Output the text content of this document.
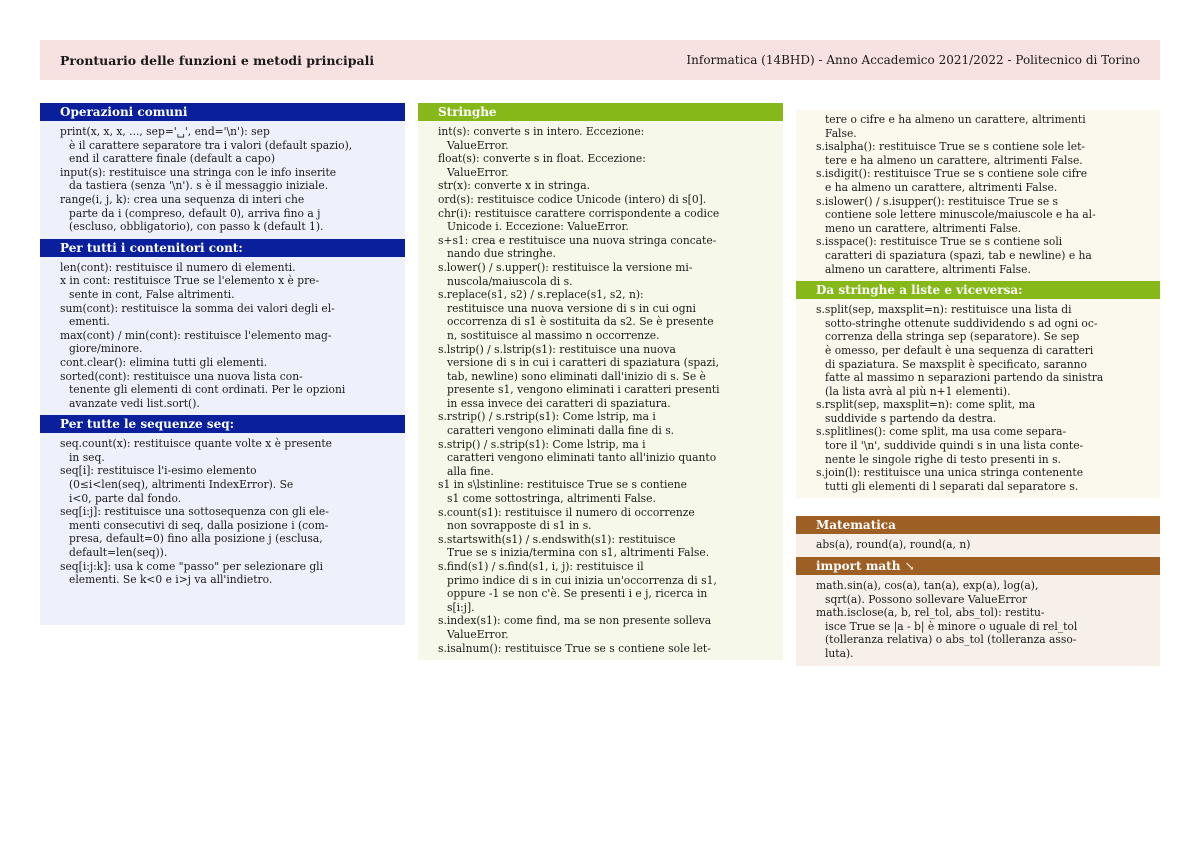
Prontuario delle funzioni e metodi principali	Informatica (14BHD) - Anno Accademico 2021/2022 - Politecnico di Torino
Operazioni comuni

print(x, x, x, ..., sep='␣', end='\n'): sep

è il carattere separatore tra i valori (default spazio),

end il carattere finale (default a capo)

input(s): restituisce una stringa con le info inserite

da tastiera (senza '\n'). s è il messaggio iniziale.

range(i, j, k): crea una sequenza di interi che

parte da i (compreso, default 0), arriva fino a j

(escluso, obbligatorio), con passo k (default 1).

Per tutti i contenitori cont:

len(cont): restituisce il numero di elementi.

x in cont: restituisce True se l'elemento x è pre-

sente in cont, False altrimenti.

sum(cont): restituisce la somma dei valori degli el-

ementi.

max(cont) / min(cont): restituisce l'elemento mag-

giore/minore.

cont.clear(): elimina tutti gli elementi.

sorted(cont): restituisce una nuova lista con-

tenente gli elementi di cont ordinati. Per le opzioni

avanzate vedi list.sort().

Per tutte le sequenze seq:

seq.count(x): restituisce quante volte x è presente

in seq.

seq[i]: restituisce l'i-esimo elemento

(0≤i<len(seq), altrimenti IndexError). Se

i<0, parte dal fondo.

seq[i:j]: restituisce una sottosequenza con gli ele-

menti consecutivi di seq, dalla posizione i (com-

presa, default=0) fino alla posizione j (esclusa,

default=len(seq)).

seq[i:j:k]: usa k come "passo" per selezionare gli

elementi. Se k<0 e i>j va all'indietro.

Stringhe

int(s): converte s in intero. Eccezione:

ValueError.

float(s): converte s in float. Eccezione:

ValueError.

str(x): converte x in stringa.

ord(s): restituisce codice Unicode (intero) di s[0].

chr(i): restituisce carattere corrispondente a codice

Unicode i. Eccezione: ValueError.

s+s1: crea e restituisce una nuova stringa concate-

nando due stringhe.

s.lower() / s.upper(): restituisce la versione mi-

nuscola/maiuscola di s.

s.replace(s1, s2) / s.replace(s1, s2, n):

restituisce una nuova versione di s in cui ogni

occorrenza di s1 è sostituita da s2. Se è presente

n, sostituisce al massimo n occorrenze.

s.lstrip() / s.lstrip(s1): restituisce una nuova

versione di s in cui i caratteri di spaziatura (spazi,

tab, newline) sono eliminati dall'inizio di s. Se è

presente s1, vengono eliminati i caratteri presenti

in essa invece dei caratteri di spaziatura.

s.rstrip() / s.rstrip(s1): Come lstrip, ma i

caratteri vengono eliminati dalla fine di s.

s.strip() / s.strip(s1): Come lstrip, ma i

caratteri vengono eliminati tanto all'inizio quanto

alla fine.

s1 in s\lstinline: restituisce True se s contiene

s1 come sottostringa, altrimenti False.

s.count(s1): restituisce il numero di occorrenze

non sovrapposte di s1 in s.

s.startswith(s1) / s.endswith(s1): restituisce

True se s inizia/termina con s1, altrimenti False.

s.find(s1) / s.find(s1, i, j): restituisce il

primo indice di s in cui inizia un'occorrenza di s1,

oppure -1 se non c'è. Se presenti i e j, ricerca in

s[i:j].

s.index(s1): come find, ma se non presente solleva

ValueError.

s.isalnum(): restituisce True se s contiene sole let-

tere o cifre e ha almeno un carattere, altrimenti

False.

s.isalpha(): restituisce True se s contiene sole let-

tere e ha almeno un carattere, altrimenti False.

s.isdigit(): restituisce True se s contiene sole cifre

e ha almeno un carattere, altrimenti False.

s.islower() / s.isupper(): restituisce True se s

contiene sole lettere minuscole/maiuscole e ha al-

meno un carattere, altrimenti False.

s.isspace(): restituisce True se s contiene soli

caratteri di spaziatura (spazi, tab e newline) e ha

almeno un carattere, altrimenti False.

Da stringhe a liste e viceversa:

s.split(sep, maxsplit=n): restituisce una lista di

sotto-stringhe ottenute suddividendo s ad ogni oc-

correnza della stringa sep (separatore). Se sep

è omesso, per default è una sequenza di caratteri

di spaziatura. Se maxsplit è specificato, saranno

fatte al massimo n separazioni partendo da sinistra

(la lista avrà al più n+1 elementi).

s.rsplit(sep, maxsplit=n): come split, ma

suddivide s partendo da destra.

s.splitlines(): come split, ma usa come separa-

tore il '\n', suddivide quindi s in una lista conte-

nente le singole righe di testo presenti in s.

s.join(l): restituisce una unica stringa contenente

tutti gli elementi di l separati dal separatore s.

Matematica

abs(a), round(a), round(a, n)

import math ↘

math.sin(a), cos(a), tan(a), exp(a), log(a),

sqrt(a). Possono sollevare ValueError

math.isclose(a, b, rel_tol, abs_tol): restitu-

isce True se |a - b| è minore o uguale di rel_tol

(tolleranza relativa) o abs_tol (tolleranza asso-

luta).
